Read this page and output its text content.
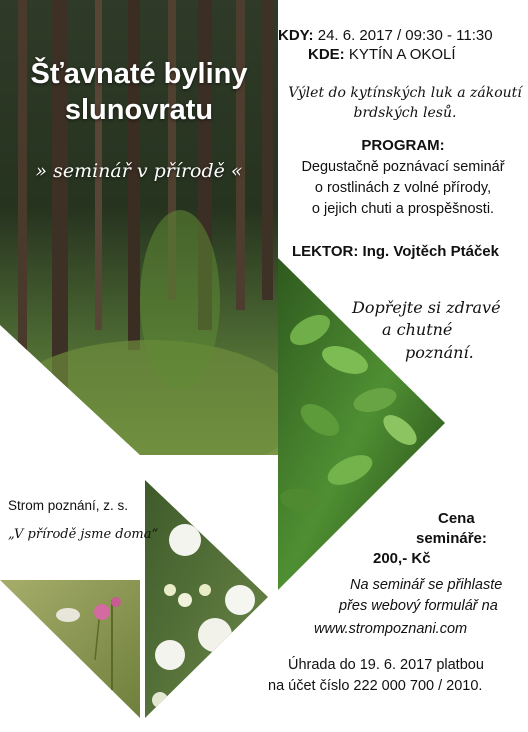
Šťavnaté byliny
slunovratu
» seminář v přírodě «
KDY: 24. 6. 2017 / 09:30 - 11:30
KDE: KYTÍN A OKOLÍ
Výlet do kytínských luk a zákoutí
brdských lesů.
PROGRAM:
Degustačně poznávací seminář
o rostlinách z volné přírody,
o jejich chuti a prospěšnosti.
LEKTOR: Ing. Vojtěch Ptáček
Dopřejte si zdravé
a chutné
poznání.
Strom poznání, z. s.
„V přírodě jsme doma“
Cena
semináře:
200,- Kč
Na seminář se přihlaste
přes webový formulář na
www.strompoznani.com
Úhrada do 19. 6. 2017 platbou
na účet číslo 222 000 700 / 2010.
